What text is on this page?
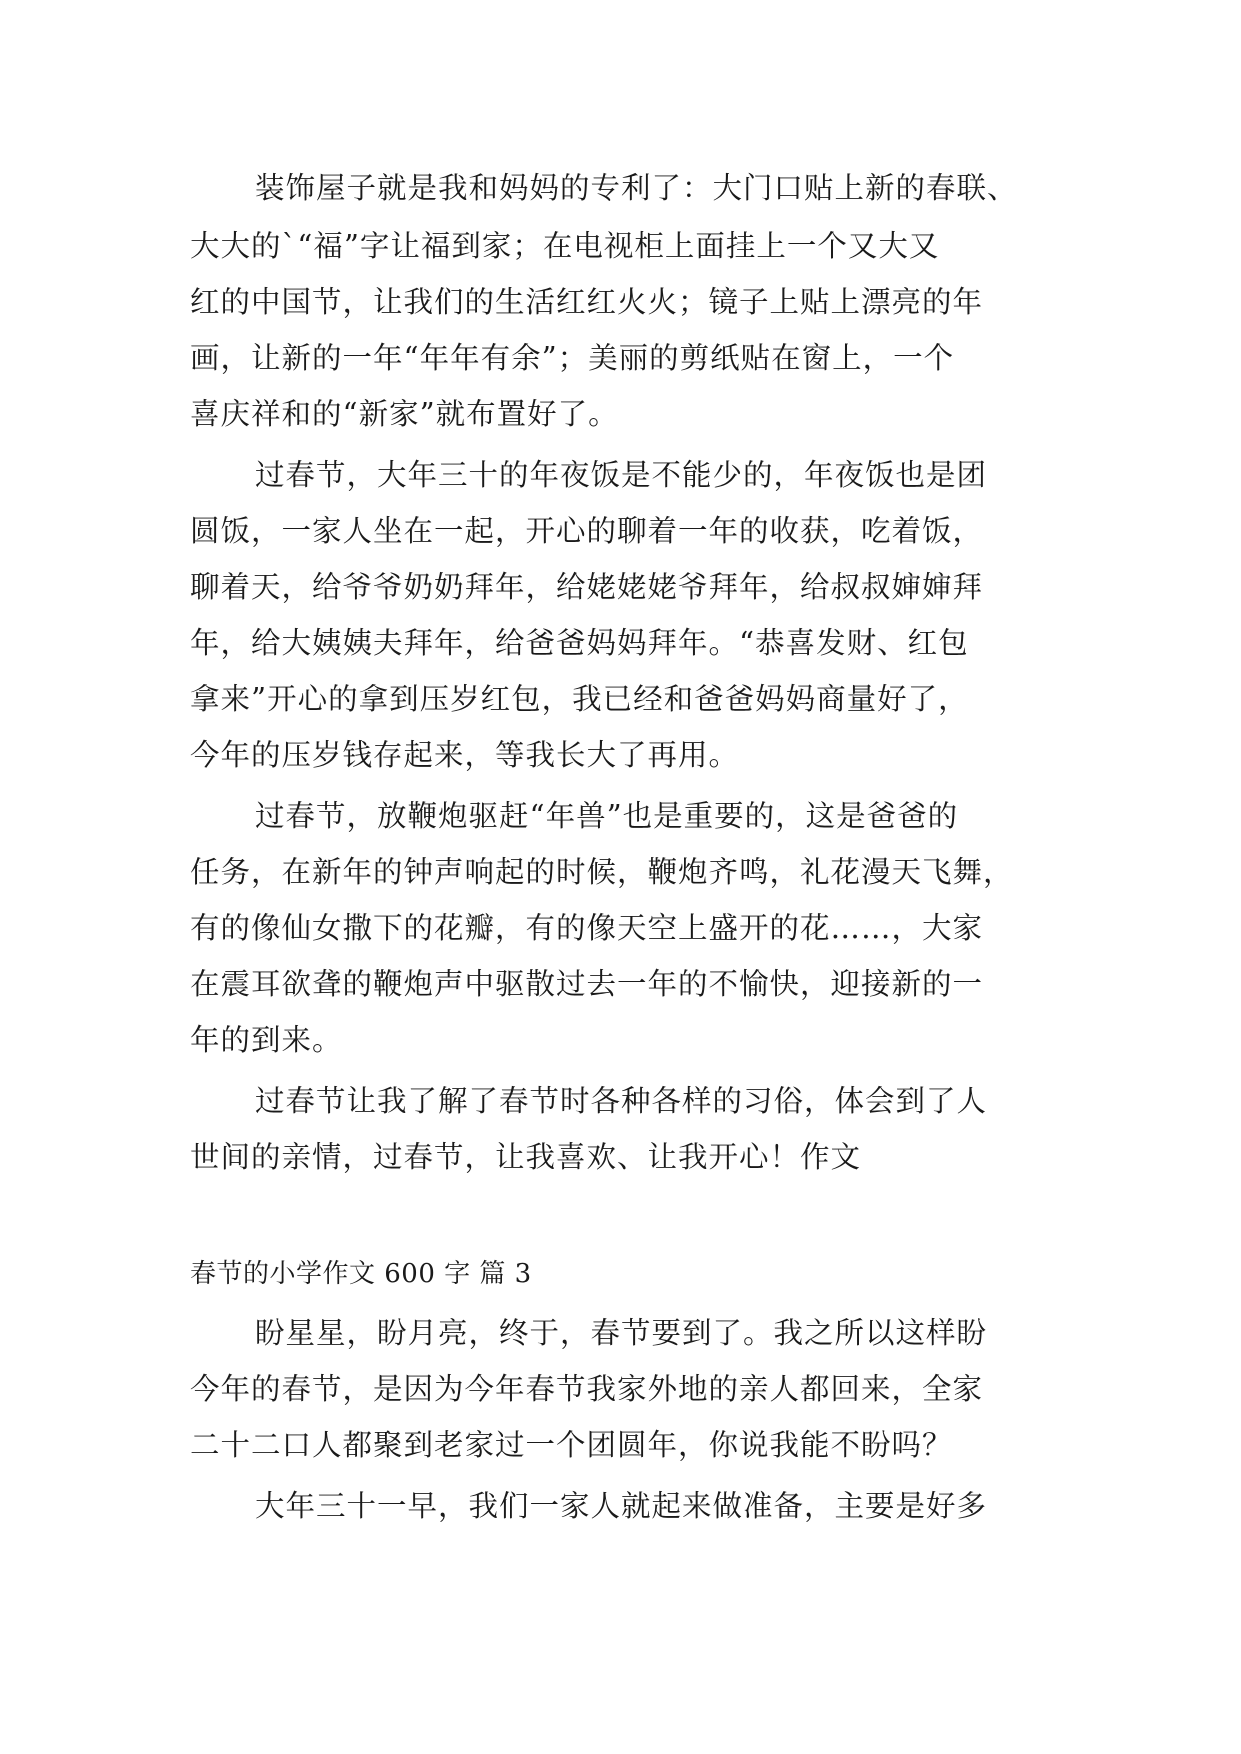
装饰屋子就是我和妈妈的专利了：大门口贴上新的春联、
大大的`“福”字让福到家；在电视柜上面挂上一个又大又
红的中国节，让我们的生活红红火火；镜子上贴上漂亮的年
画，让新的一年“年年有余”；美丽的剪纸贴在窗上，一个
喜庆祥和的“新家”就布置好了。
过春节，大年三十的年夜饭是不能少的，年夜饭也是团
圆饭，一家人坐在一起，开心的聊着一年的收获，吃着饭，
聊着天，给爷爷奶奶拜年，给姥姥姥爷拜年，给叔叔婶婶拜
年，给大姨姨夫拜年，给爸爸妈妈拜年。“恭喜发财、红包
拿来”开心的拿到压岁红包，我已经和爸爸妈妈商量好了，
今年的压岁钱存起来，等我长大了再用。
过春节，放鞭炮驱赶“年兽”也是重要的，这是爸爸的
任务，在新年的钟声响起的时候，鞭炮齐鸣，礼花漫天飞舞，
有的像仙女撒下的花瓣，有的像天空上盛开的花……，大家
在震耳欲聋的鞭炮声中驱散过去一年的不愉快，迎接新的一
年的到来。
过春节让我了解了春节时各种各样的习俗，体会到了人
世间的亲情，过春节，让我喜欢、让我开心！作文
春节的小学作文 600 字 篇 3
盼星星，盼月亮，终于，春节要到了。我之所以这样盼
今年的春节，是因为今年春节我家外地的亲人都回来，全家
二十二口人都聚到老家过一个团圆年，你说我能不盼吗？
大年三十一早，我们一家人就起来做准备，主要是好多
